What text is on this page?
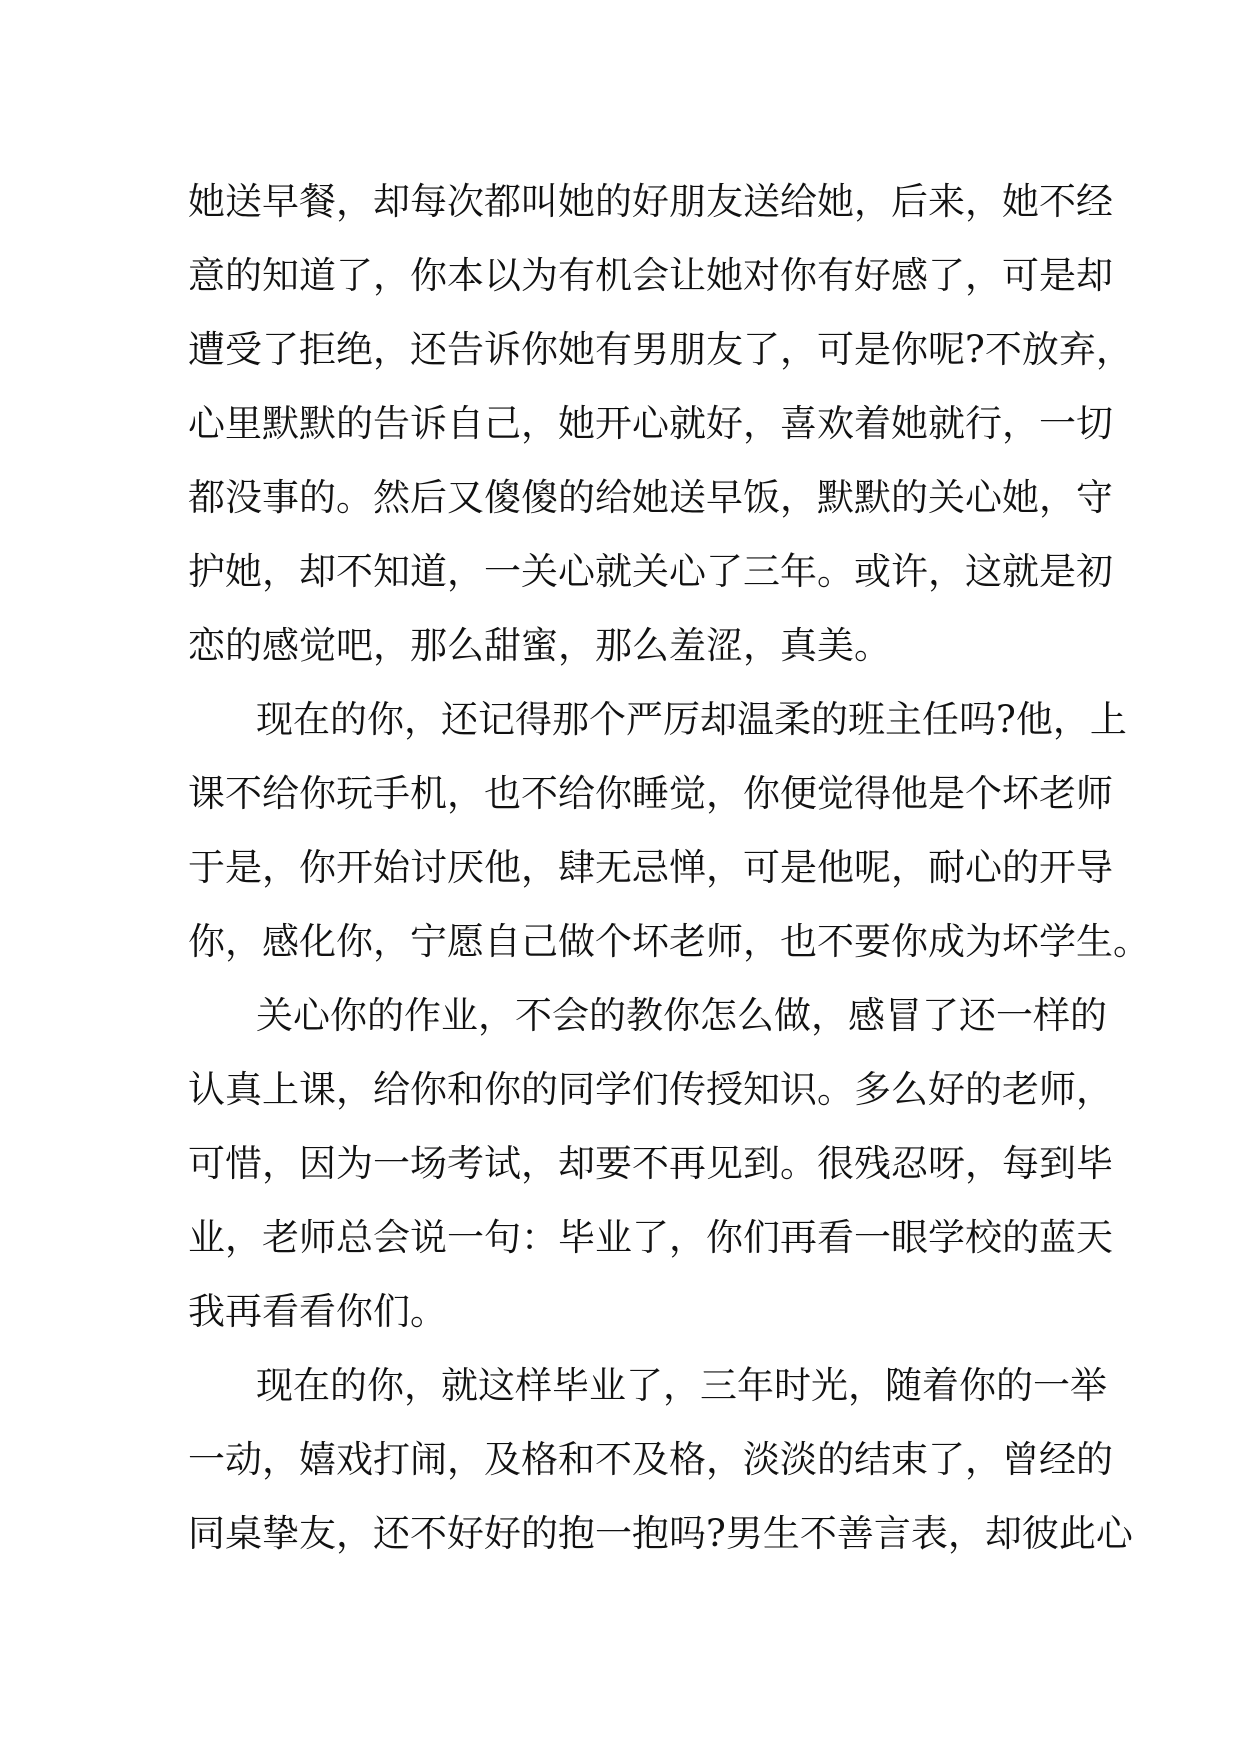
她送早餐，却每次都叫她的好朋友送给她，后来，她不经
意的知道了，你本以为有机会让她对你有好感了，可是却
遭受了拒绝，还告诉你她有男朋友了，可是你呢?不放弃，
心里默默的告诉自己，她开心就好，喜欢着她就行，一切
都没事的。然后又傻傻的给她送早饭，默默的关心她，守
护她，却不知道，一关心就关心了三年。或许，这就是初
恋的感觉吧，那么甜蜜，那么羞涩，真美。
现在的你，还记得那个严厉却温柔的班主任吗?他，上
课不给你玩手机，也不给你睡觉，你便觉得他是个坏老师
于是，你开始讨厌他，肆无忌惮，可是他呢，耐心的开导
你，感化你，宁愿自己做个坏老师，也不要你成为坏学生。
关心你的作业，不会的教你怎么做，感冒了还一样的
认真上课，给你和你的同学们传授知识。多么好的老师，
可惜，因为一场考试，却要不再见到。很残忍呀，每到毕
业，老师总会说一句：毕业了，你们再看一眼学校的蓝天
我再看看你们。
现在的你，就这样毕业了，三年时光，随着你的一举
一动，嬉戏打闹，及格和不及格，淡淡的结束了，曾经的
同桌挚友，还不好好的抱一抱吗?男生不善言表，却彼此心
